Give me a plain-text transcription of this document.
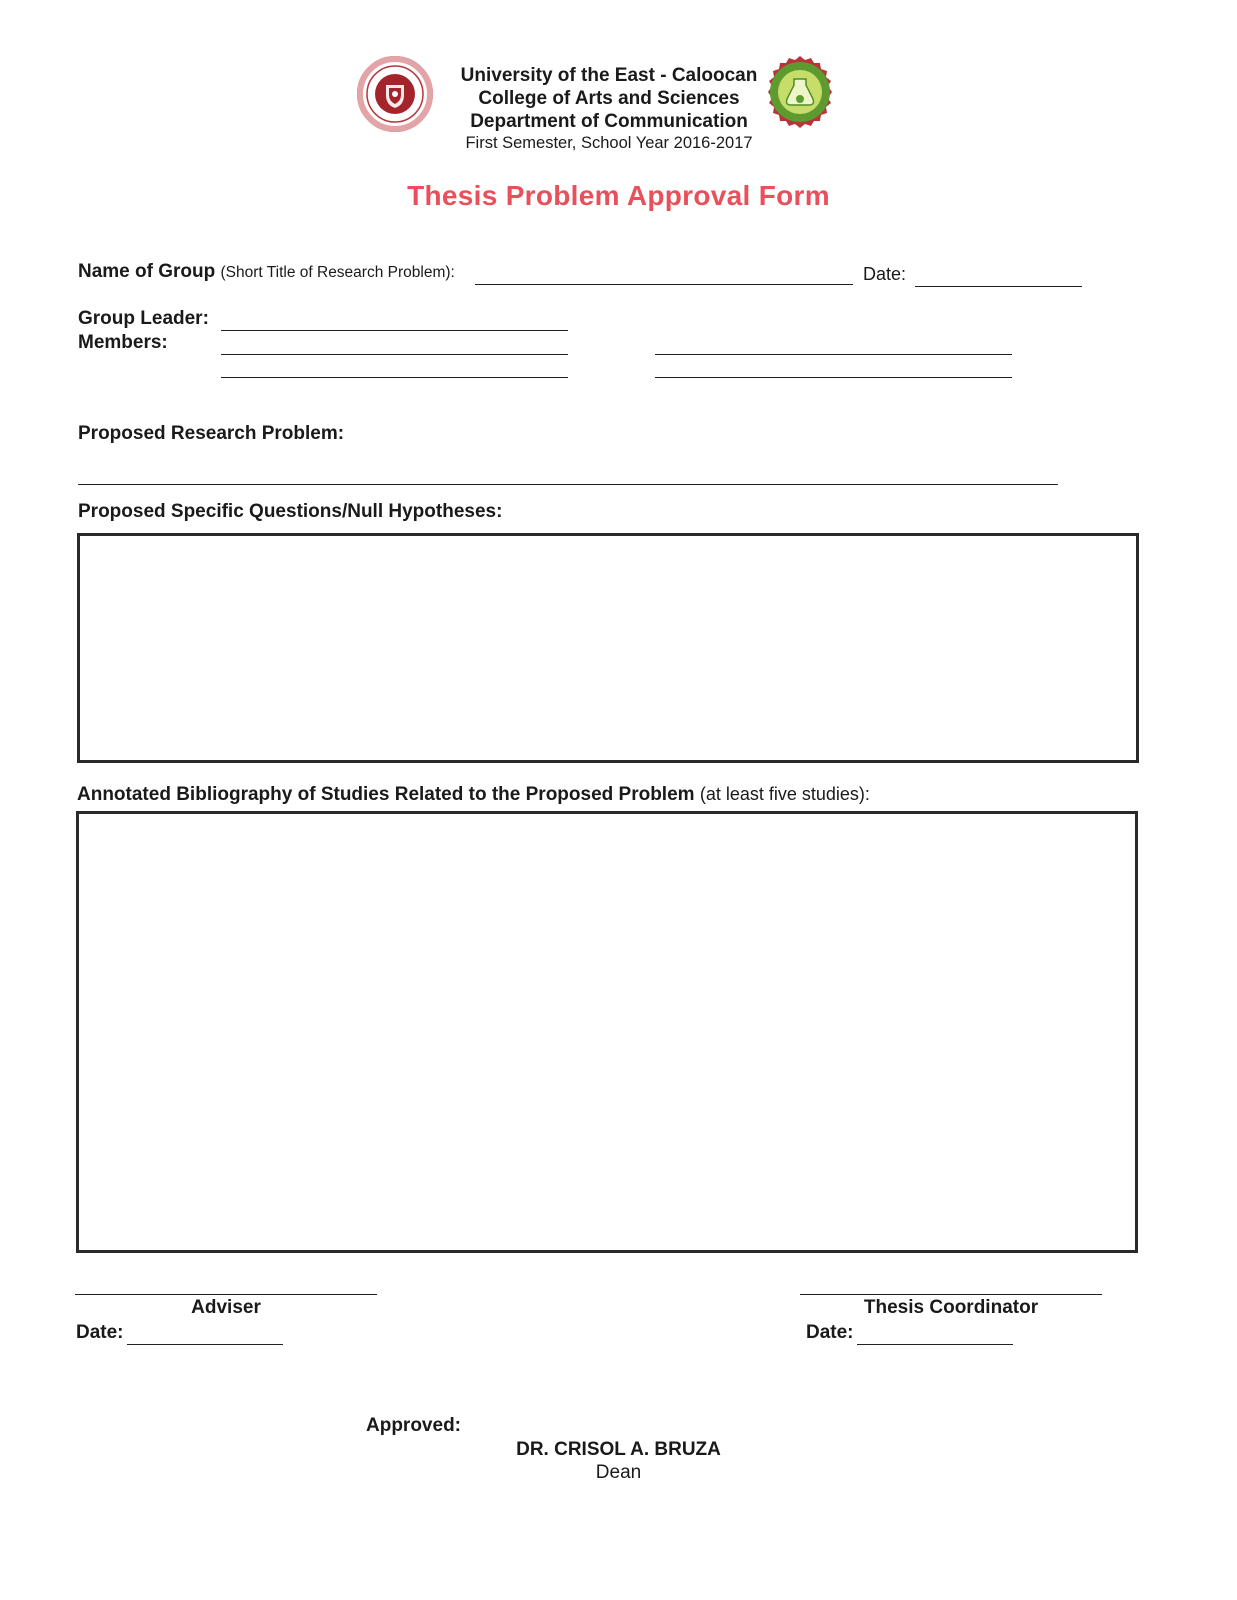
University of the East - Caloocan
College of Arts and Sciences
Department of Communication
First Semester, School Year 2016-2017
Thesis Problem Approval Form
Name of Group (Short Title of Research Problem):	Date:
Group Leader:
Members:
Proposed Research Problem:
Proposed Specific Questions/Null Hypotheses:
Annotated Bibliography of Studies Related to the Proposed Problem (at least five studies):
Adviser
Date:
Thesis Coordinator
Date:
Approved:
DR. CRISOL A. BRUZA
Dean
